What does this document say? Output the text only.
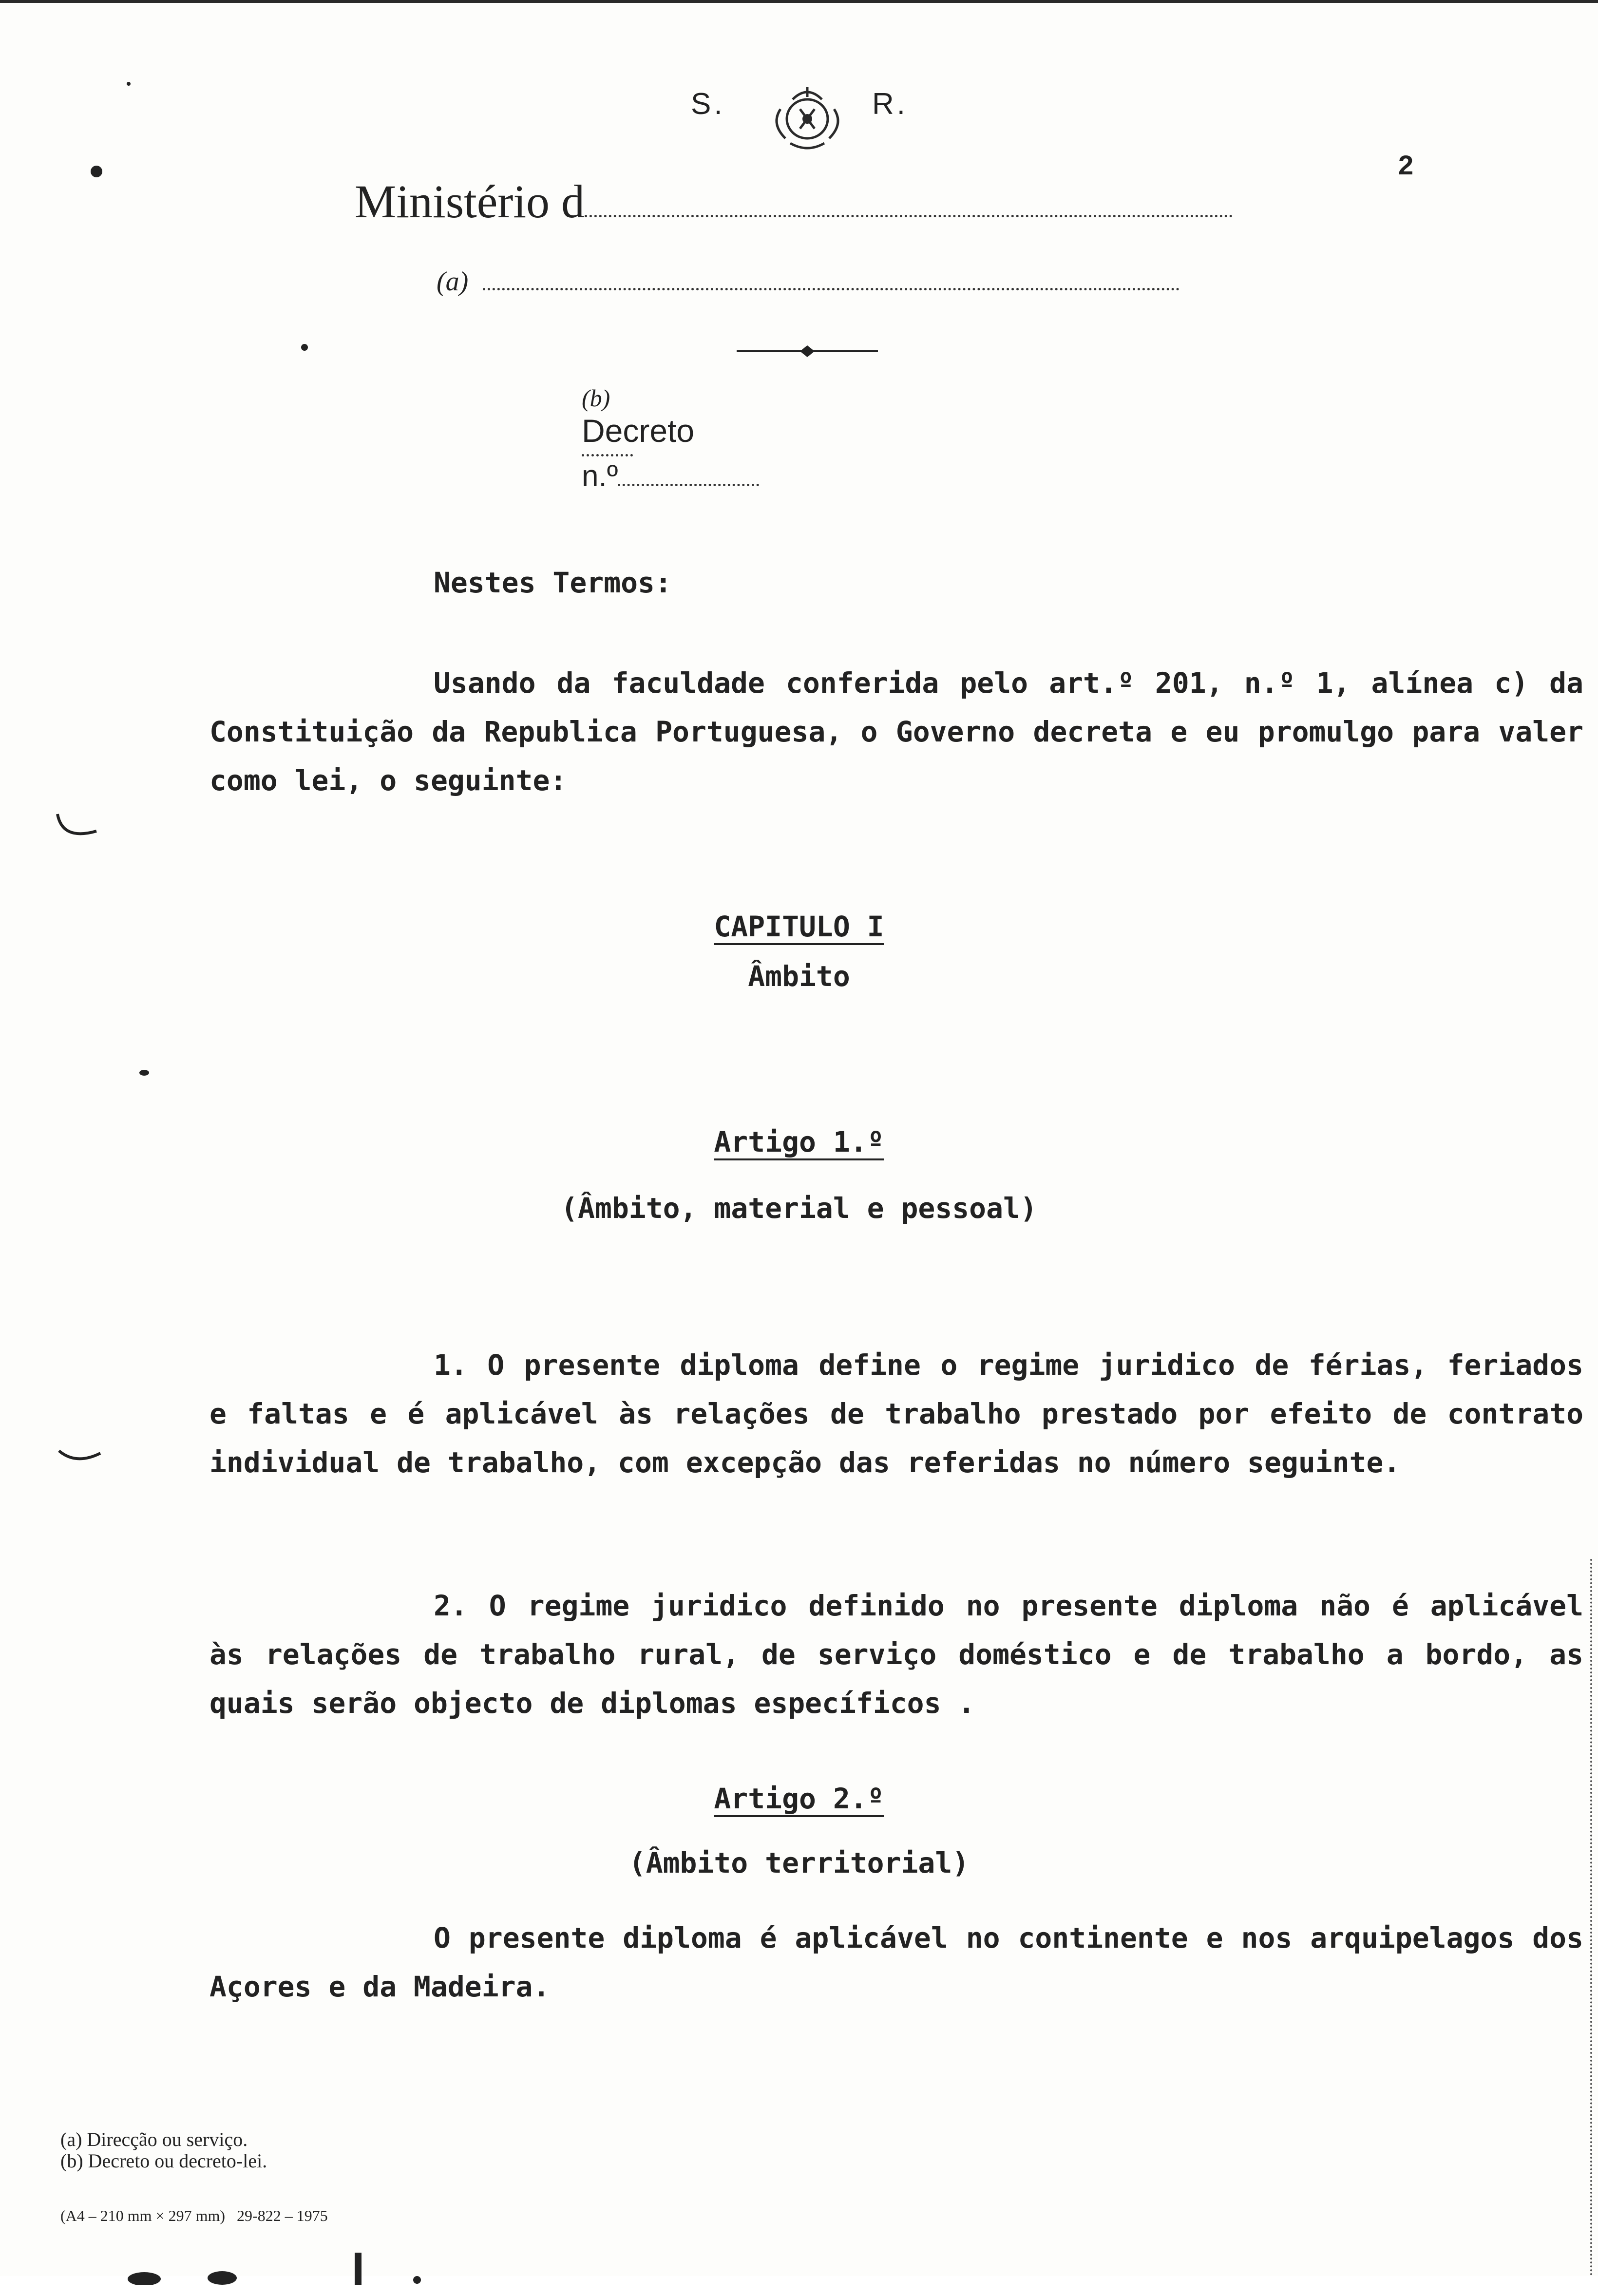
S.

	R.
2

Ministério d

(a)

(b)
Decreto

n.º

Nestes Termos:
Usando da faculdade conferida pelo art.º 201, n.º 1, alínea c) da Constituição da Republica Portuguesa, o Governo decreta e eu promulgo para valer como lei, o seguinte:
CAPITULO I
Âmbito
Artigo 1.º
(Âmbito, material e pessoal)
1. O presente diploma define o regime juridico de férias, feriados e faltas e é aplicável às relações de trabalho prestado por efeito de contrato individual de trabalho, com excepção das referidas no número seguinte.
2. O regime juridico definido no presente diploma não é aplicável às relações de trabalho rural, de serviço doméstico e de trabalho a bordo, as quais serão objecto de diplomas específicos .
Artigo 2.º
(Âmbito territorial)
O presente diploma é aplicável no continente e nos arquipelagos dos Açores e da Madeira.
(a) Direcção ou serviço.
(b) Decreto ou decreto-lei.
(A4 – 210 mm × 297 mm)   29-822 – 1975
